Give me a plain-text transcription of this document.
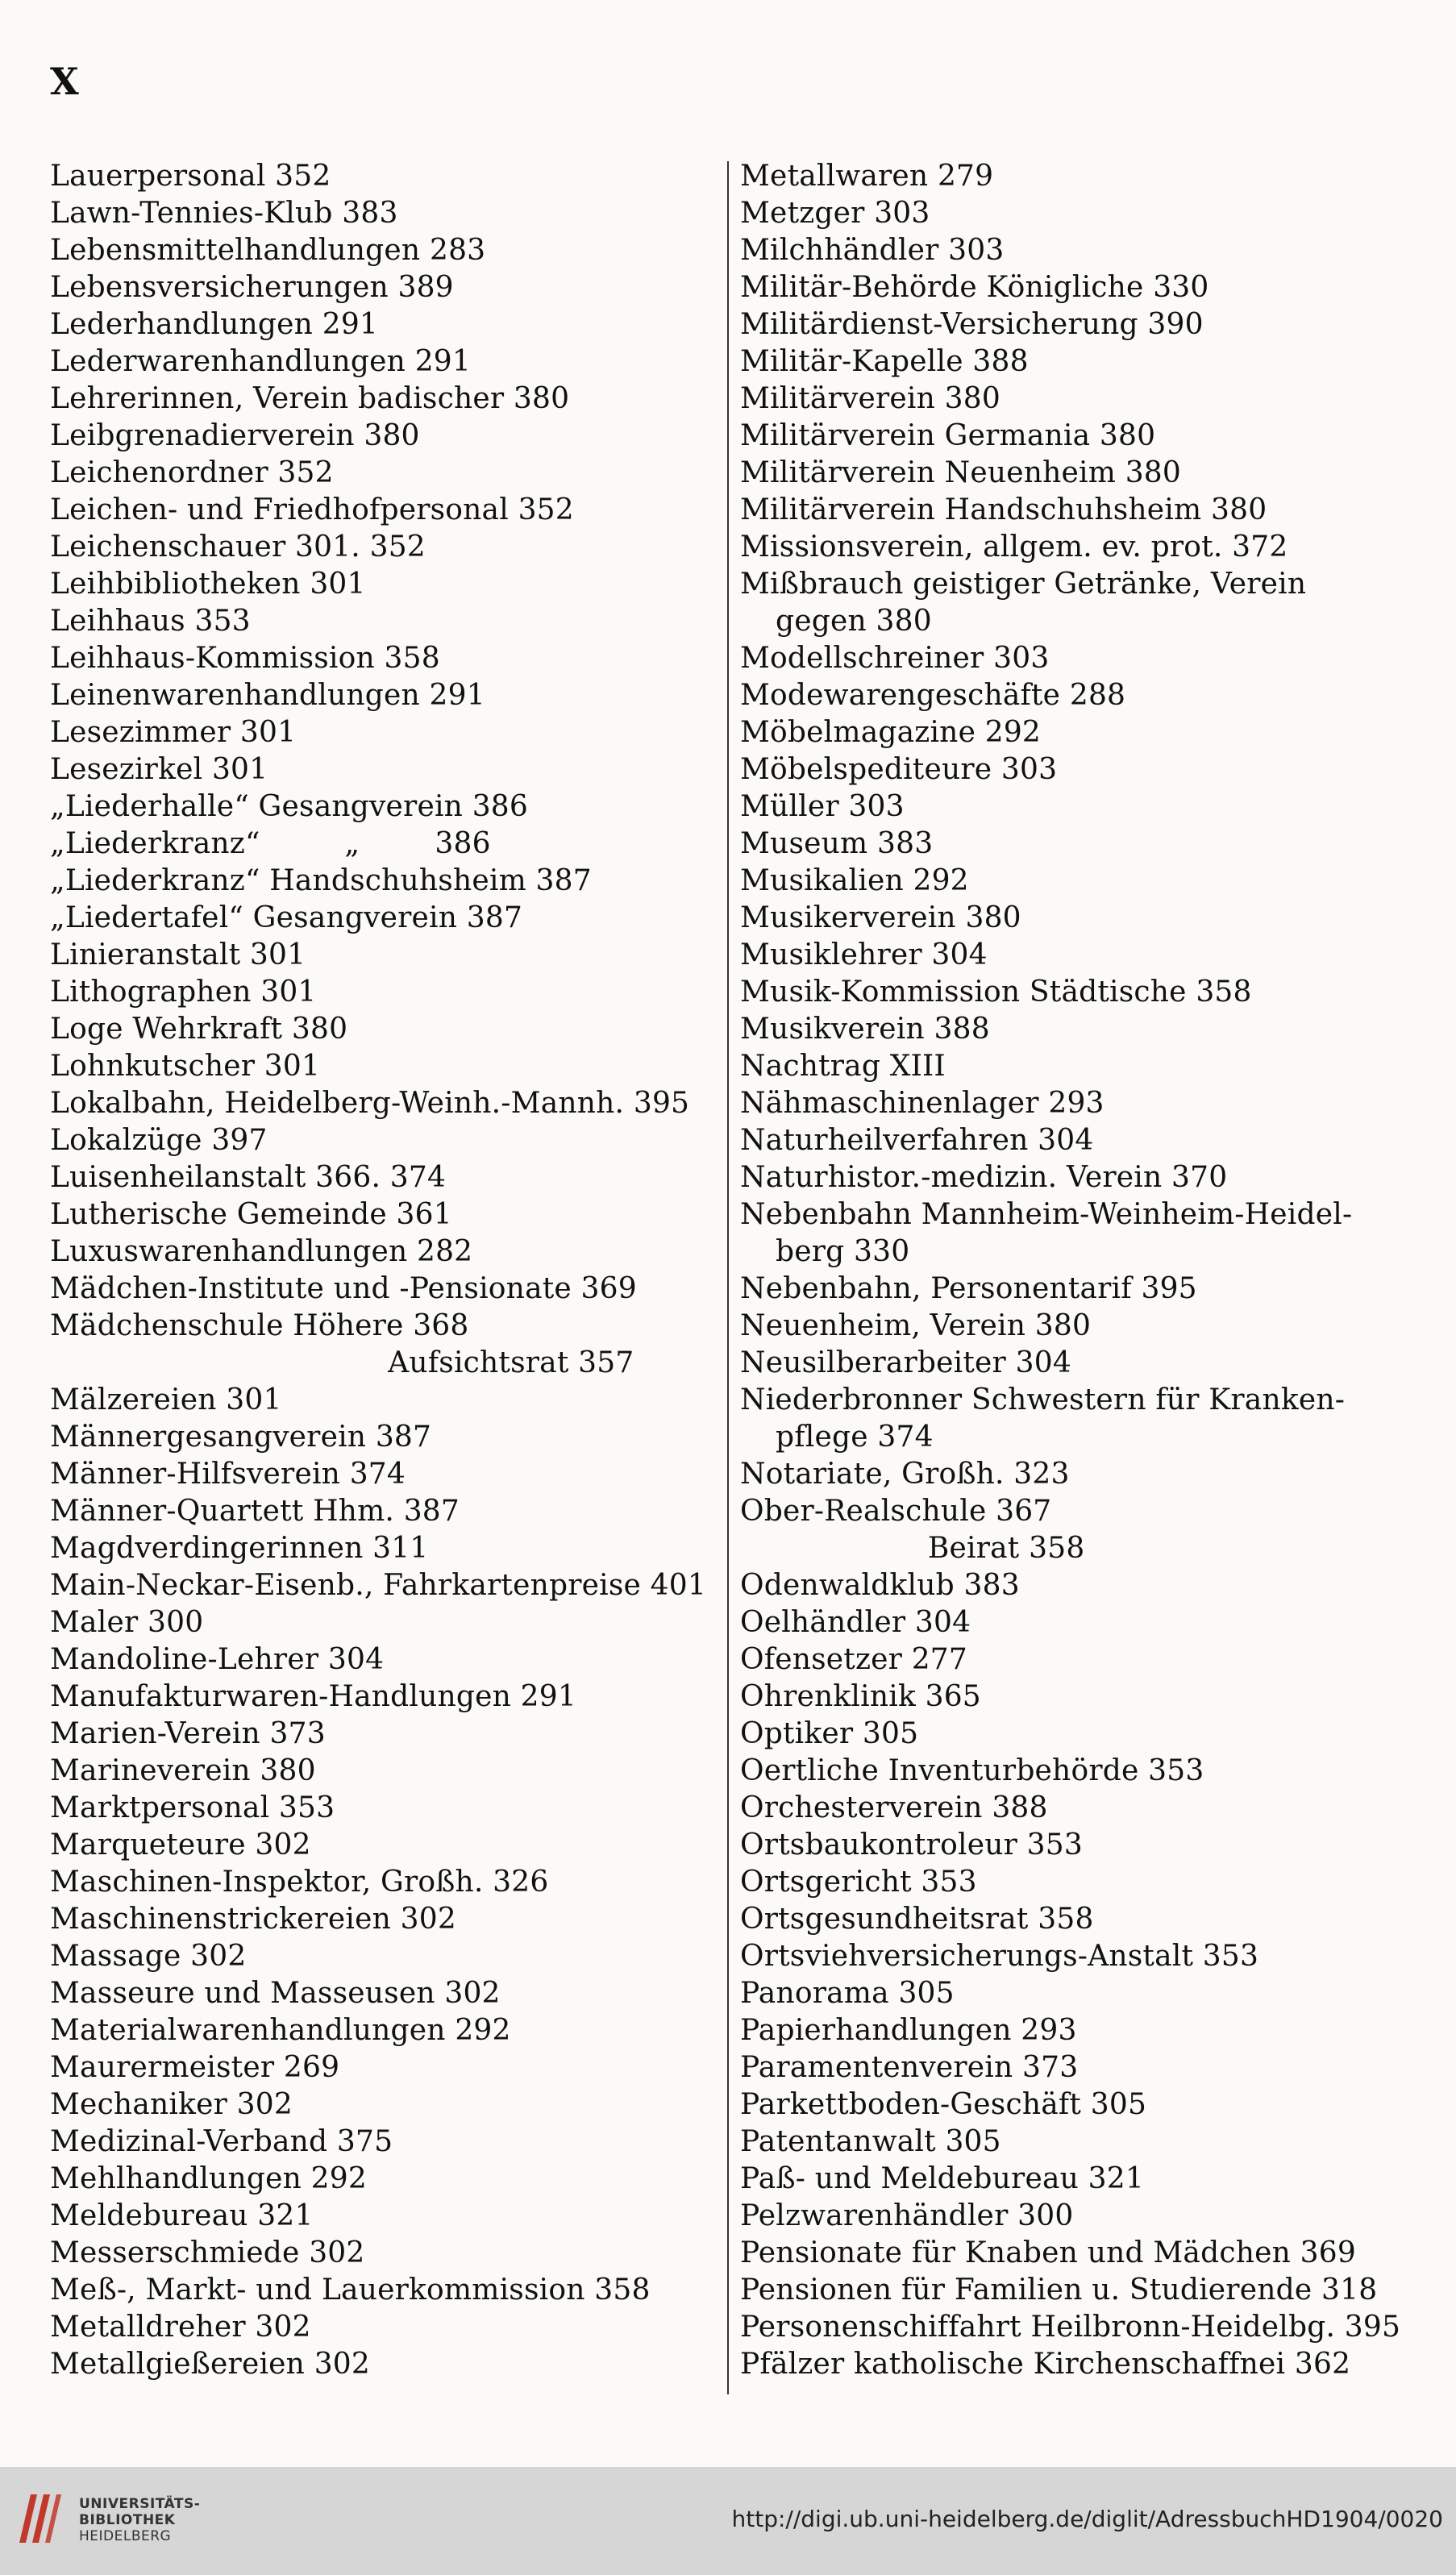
X
Lauerpersonal 352
Lawn-Tennies-Klub 383
Lebensmittelhandlungen 283
Lebensversicherungen 389
Lederhandlungen 291
Lederwarenhandlungen 291
Lehrerinnen, Verein badischer 380
Leibgrenadierverein 380
Leichenordner 352
Leichen- und Friedhofpersonal 352
Leichenschauer 301. 352
Leihbibliotheken 301
Leihhaus 353
Leihhaus-Kommission 358
Leinenwarenhandlungen 291
Lesezimmer 301
Lesezirkel 301
„Liederhalle“ Gesangverein 386
„Liederkranz“         „        386
„Liederkranz“ Handschuhsheim 387
„Liedertafel“ Gesangverein 387
Linieranstalt 301
Lithographen 301
Loge Wehrkraft 380
Lohnkutscher 301
Lokalbahn, Heidelberg-Weinh.-Mannh. 395
Lokalzüge 397
Luisenheilanstalt 366. 374
Lutherische Gemeinde 361
Luxuswarenhandlungen 282
Mädchen-Institute und -Pensionate 369
Mädchenschule Höhere 368
Aufsichtsrat 357
Mälzereien 301
Männergesangverein 387
Männer-Hilfsverein 374
Männer-Quartett Hhm. 387
Magdverdingerinnen 311
Main-Neckar-Eisenb., Fahrkartenpreise 401
Maler 300
Mandoline-Lehrer 304
Manufakturwaren-Handlungen 291
Marien-Verein 373
Marineverein 380
Marktpersonal 353
Marqueteure 302
Maschinen-Inspektor, Großh. 326
Maschinenstrickereien 302
Massage 302
Masseure und Masseusen 302
Materialwarenhandlungen 292
Maurermeister 269
Mechaniker 302
Medizinal-Verband 375
Mehlhandlungen 292
Meldebureau 321
Messerschmiede 302
Meß-, Markt- und Lauerkommission 358
Metalldreher 302
Metallgießereien 302
Metallwaren 279
Metzger 303
Milchhändler 303
Militär-Behörde Königliche 330
Militärdienst-Versicherung 390
Militär-Kapelle 388
Militärverein 380
Militärverein Germania 380
Militärverein Neuenheim 380
Militärverein Handschuhsheim 380
Missionsverein, allgem. ev. prot. 372
Mißbrauch geistiger Getränke, Verein
gegen 380
Modellschreiner 303
Modewarengeschäfte 288
Möbelmagazine 292
Möbelspediteure 303
Müller 303
Museum 383
Musikalien 292
Musikerverein 380
Musiklehrer 304
Musik-Kommission Städtische 358
Musikverein 388
Nachtrag XIII
Nähmaschinenlager 293
Naturheilverfahren 304
Naturhistor.-medizin. Verein 370
Nebenbahn Mannheim-Weinheim-Heidel-
berg 330
Nebenbahn, Personentarif 395
Neuenheim, Verein 380
Neusilberarbeiter 304
Niederbronner Schwestern für Kranken-
pflege 374
Notariate, Großh. 323
Ober-Realschule 367
Beirat 358
Odenwaldklub 383
Oelhändler 304
Ofensetzer 277
Ohrenklinik 365
Optiker 305
Oertliche Inventurbehörde 353
Orchesterverein 388
Ortsbaukontroleur 353
Ortsgericht 353
Ortsgesundheitsrat 358
Ortsviehversicherungs-Anstalt 353
Panorama 305
Papierhandlungen 293
Paramentenverein 373
Parkettboden-Geschäft 305
Patentanwalt 305
Paß- und Meldebureau 321
Pelzwarenhändler 300
Pensionate für Knaben und Mädchen 369
Pensionen für Familien u. Studierende 318
Personenschiffahrt Heilbronn-Heidelbg. 395
Pfälzer katholische Kirchenschaffnei 362
UNIVERSITÄTS-
BIBLIOTHEK
HEIDELBERG
http://digi.ub.uni-heidelberg.de/diglit/AdressbuchHD1904/0020
